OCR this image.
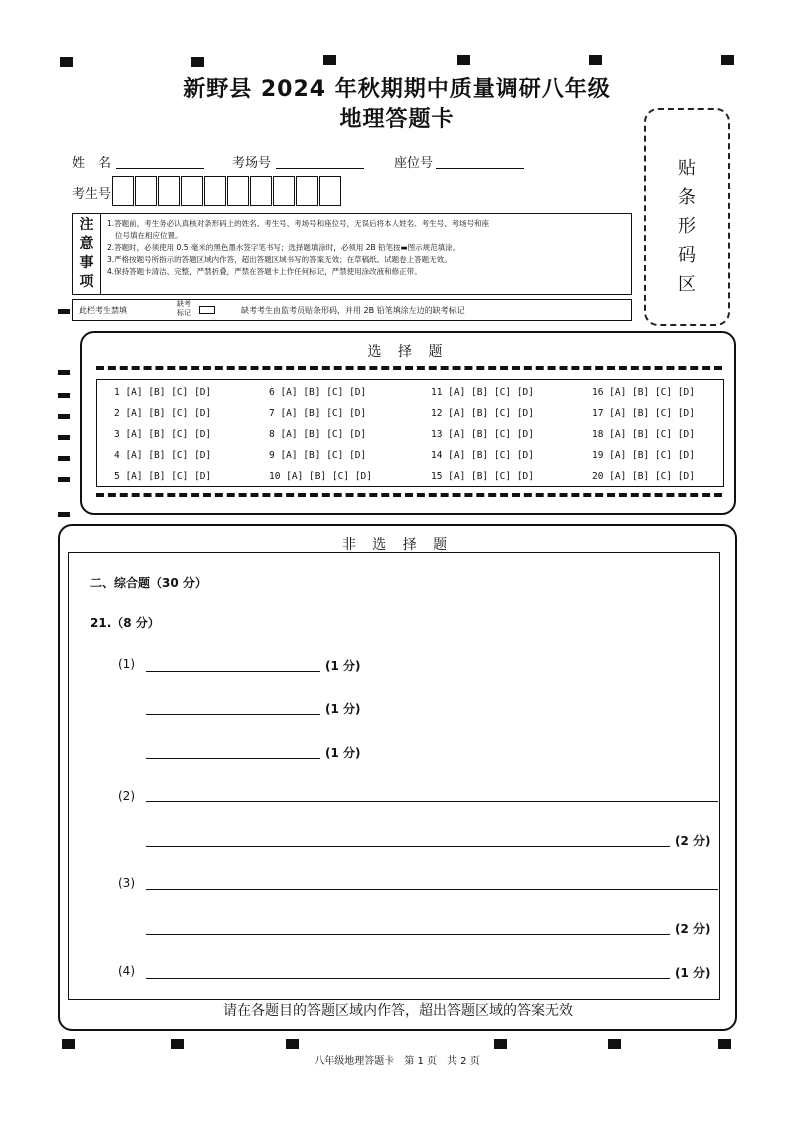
新野县 2024 年秋期期中质量调研八年级
地理答题卡
贴
条
形
码
区
姓　名	考场号	座位号
考生号
注
意
事
项
1.答题前，考生务必认真核对条形码上的姓名、考生号、考场号和座位号，无误后将本人姓名、考生号、考场号和座
位号填在相应位置。
2.答题时，必须使用 0.5 毫米的黑色墨水签字笔书写；选择题填涂时，必须用 2B 铅笔按▬图示规范填涂。
3.严格按题号所指示的答题区域内作答，超出答题区域书写的答案无效；在草稿纸、试题卷上答题无效。
4.保持答题卡清洁、完整，严禁折叠，严禁在答题卡上作任何标记，严禁使用涂改液和修正带。
此栏考生禁填
缺考
标记	缺考考生由监考员贴条形码，并用 2B 铅笔填涂左边的缺考标记
选 择 题
1 [A] [B] [C] [D]	6 [A] [B] [C] [D]	11 [A] [B] [C] [D]	16 [A] [B] [C] [D]
2 [A] [B] [C] [D]	7 [A] [B] [C] [D]	12 [A] [B] [C] [D]	17 [A] [B] [C] [D]
3 [A] [B] [C] [D]	8 [A] [B] [C] [D]	13 [A] [B] [C] [D]	18 [A] [B] [C] [D]
4 [A] [B] [C] [D]	9 [A] [B] [C] [D]	14 [A] [B] [C] [D]	19 [A] [B] [C] [D]
5 [A] [B] [C] [D]	10 [A] [B] [C] [D]	15 [A] [B] [C] [D]	20 [A] [B] [C] [D]
非 选 择 题
二、综合题（30 分）
21.（8 分）
(1)	(1 分)
(1 分)
(1 分)
(2)
(2 分)
(3)
(2 分)
(4)	(1 分)
请在各题目的答题区域内作答，超出答题区域的答案无效
八年级地理答题卡　第 1 页　共 2 页
